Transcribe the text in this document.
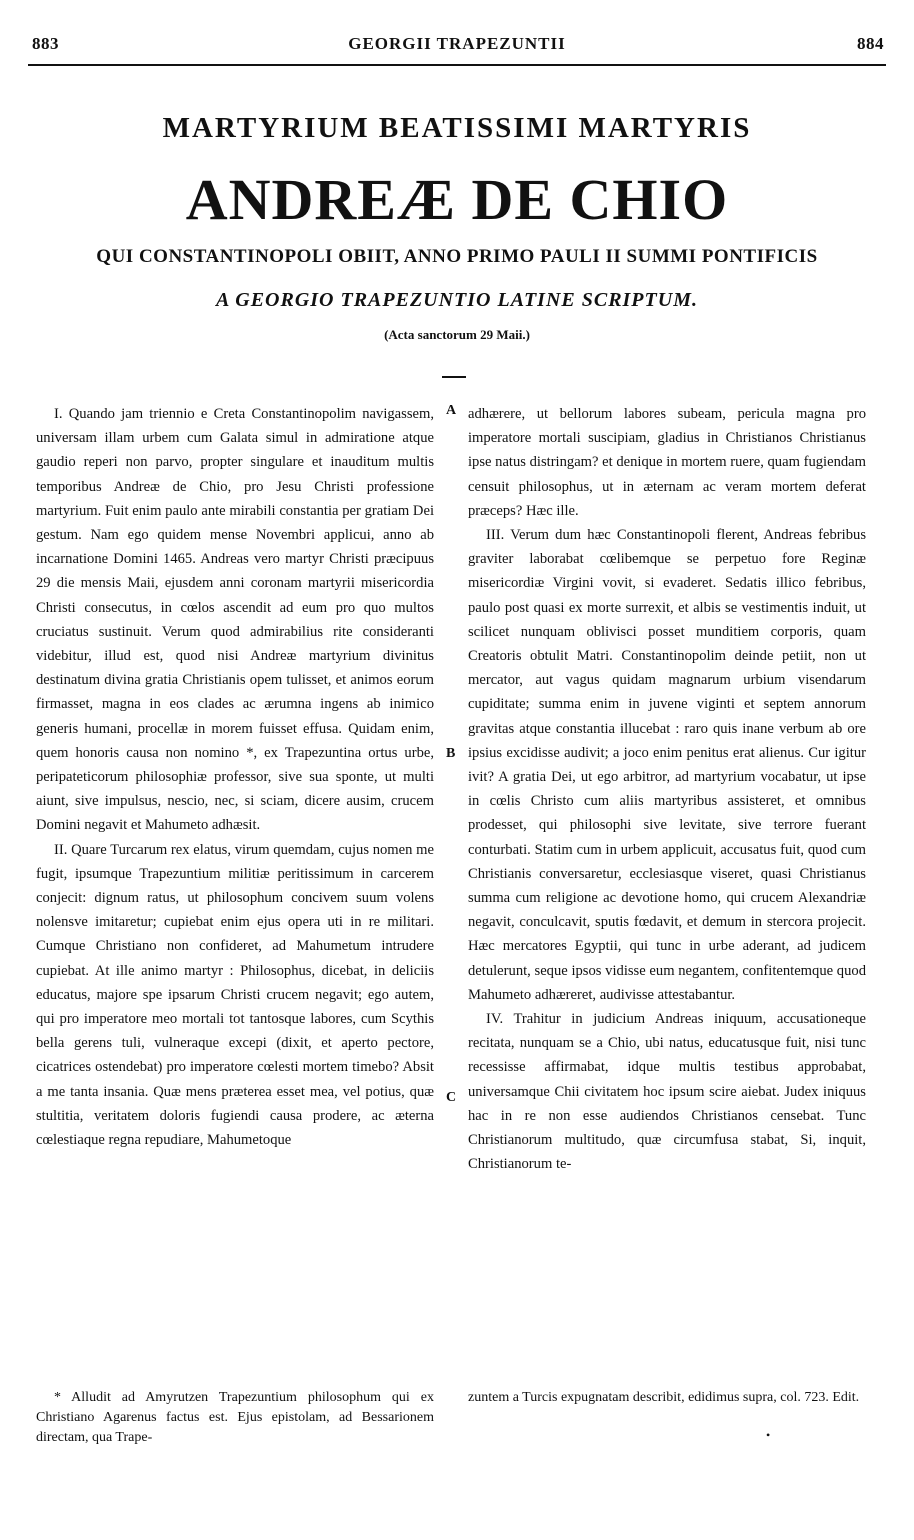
883	GEORGII TRAPEZUNTII	884
MARTYRIUM BEATISSIMI MARTYRIS
ANDREÆ DE CHIO
QUI CONSTANTINOPOLI OBIIT, ANNO PRIMO PAULI II SUMMI PONTIFICIS
A GEORGIO TRAPEZUNTIO LATINE SCRIPTUM.
(Acta sanctorum 29 Maii.)

I. Quando jam triennio e Creta Constantinopolim navigassem, universam illam urbem cum Galata simul in admiratione atque gaudio reperi non parvo, propter singulare et inauditum multis temporibus Andreæ de Chio, pro Jesu Christi professione martyrium. Fuit enim paulo ante mirabili constantia per gratiam Dei gestum. Nam ego quidem mense Novembri applicui, anno ab incarnatione Domini 1465. Andreas vero martyr Christi præcipuus 29 die mensis Maii, ejusdem anni coronam martyrii misericordia Christi consecutus, in cœlos ascendit ad eum pro quo multos cruciatus sustinuit. Verum quod admirabilius rite consideranti videbitur, illud est, quod nisi Andreæ martyrium divinitus destinatum divina gratia Christianis opem tulisset, et animos eorum firmasset, magna in eos clades ac ærumna ingens ab inimico generis humani, procellæ in morem fuisset effusa. Quidam enim, quem honoris causa non nomino *, ex Trapezuntina ortus urbe, peripateticorum philosophiæ professor, sive sua sponte, ut multi aiunt, sive impulsus, nescio, nec, si sciam, dicere ausim, crucem Domini negavit et Mahumeto adhæsit.

II. Quare Turcarum rex elatus, virum quemdam, cujus nomen me fugit, ipsumque Trapezuntium militiæ peritissimum in carcerem conjecit: dignum ratus, ut philosophum concivem suum volens nolensve imitaretur; cupiebat enim ejus opera uti in re militari. Cumque Christiano non confideret, ad Mahumetum intrudere cupiebat. At ille animo martyr : Philosophus, dicebat, in deliciis educatus, majore spe ipsarum Christi crucem negavit; ego autem, qui pro imperatore meo mortali tot tantosque labores, cum Scythis bella gerens tuli, vulneraque excepi (dixit, et aperto pectore, cicatrices ostendebat) pro imperatore cœlesti mortem timebo? Absit a me tanta insania. Quæ mens præterea esset mea, vel potius, quæ stultitia, veritatem doloris fugiendi causa prodere, ac æterna cœlestiaque regna repudiare, Mahumetoque

A
B
C

adhærere, ut bellorum labores subeam, pericula magna pro imperatore mortali suscipiam, gladius in Christianos Christianus ipse natus distringam? et denique in mortem ruere, quam fugiendam censuit philosophus, ut in æternam ac veram mortem deferat præceps? Hæc ille.

III. Verum dum hæc Constantinopoli flerent, Andreas febribus graviter laborabat cœlibemque se perpetuo fore Reginæ misericordiæ Virgini vovit, si evaderet. Sedatis illico febribus, paulo post quasi ex morte surrexit, et albis se vestimentis induit, ut scilicet nunquam oblivisci posset munditiem corporis, quam Creatoris obtulit Matri. Constantinopolim deinde petiit, non ut mercator, aut vagus quidam magnarum urbium visendarum cupiditate; summa enim in juvene viginti et septem annorum gravitas atque constantia illucebat : raro quis inane verbum ab ore ipsius excidisse audivit; a joco enim penitus erat alienus. Cur igitur ivit? A gratia Dei, ut ego arbitror, ad martyrium vocabatur, ut ipse in cœlis Christo cum aliis martyribus assisteret, et omnibus prodesset, qui philosophi sive levitate, sive terrore fuerant conturbati. Statim cum in urbem applicuit, accusatus fuit, quod cum Christianis conversaretur, ecclesiasque viseret, quasi Christianus summa cum religione ac devotione homo, qui crucem Alexandriæ negavit, conculcavit, sputis fœdavit, et demum in stercora projecit. Hæc mercatores Egyptii, qui tunc in urbe aderant, ad judicem detulerunt, seque ipsos vidisse eum negantem, confitentemque quod Mahumeto adhæreret, audivisse attestabantur.

IV. Trahitur in judicium Andreas iniquum, accusationeque recitata, nunquam se a Chio, ubi natus, educatusque fuit, nisi tunc recessisse affirmabat, idque multis testibus approbabat, universamque Chii civitatem hoc ipsum scire aiebat. Judex iniquus hac in re non esse audiendos Christianos censebat. Tunc Christianorum multitudo, quæ circumfusa stabat, Si, inquit, Christianorum te-

* Alludit ad Amyrutzen Trapezuntium philosophum qui ex Christiano Agarenus factus est. Ejus epistolam, ad Bessarionem directam, qua Trape-
zuntem a Turcis expugnatam describit, edidimus supra, col. 723. Edit.
•
